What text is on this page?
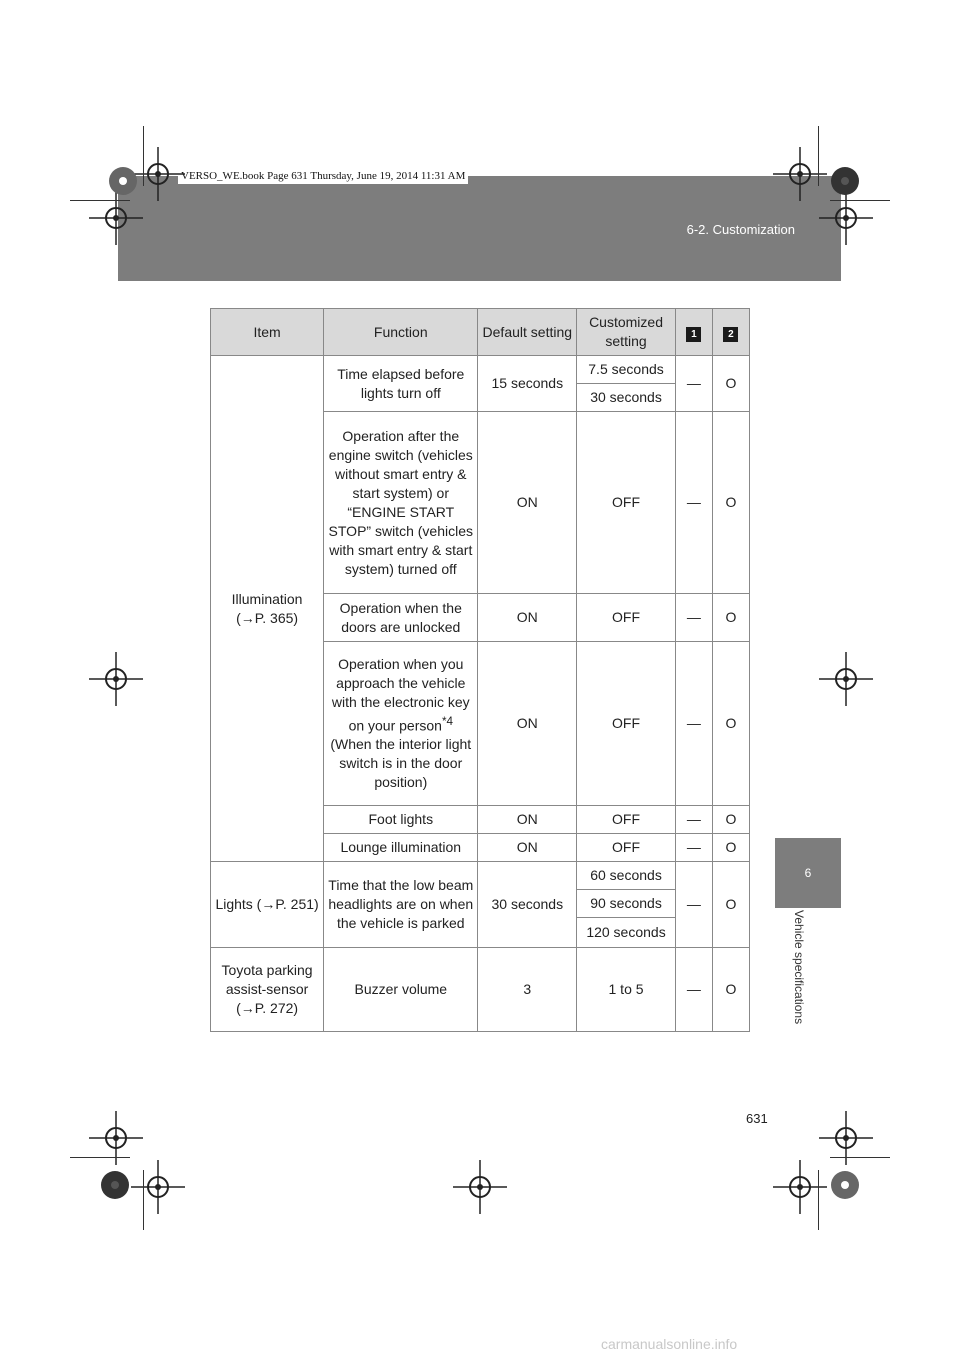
6-2. Customization
VERSO_WE.book Page 631 Thursday, June 19, 2014 11:31 AM
6
Vehicle specifications
Item	Function	Default setting	Customized setting	1	2
Illumination (→P. 365)	Time elapsed before lights turn off	15 seconds	7.5 seconds	—	O
			30 seconds		
	Operation after the engine switch (vehicles without smart entry & start system) or “ENGINE START STOP” switch (vehicles with smart entry & start system) turned off	ON	OFF	—	O
	Operation when the doors are unlocked	ON	OFF	—	O
	Operation when you approach the vehicle with the electronic key on your person$^{*4}$
(When the interior light switch is in the door position)	ON	OFF	—	O
	Foot lights	ON	OFF	—	O
	Lounge illumination	ON	OFF	—	O

Lights (→P. 251)	Time that the low beam headlights are on when the vehicle is parked	30 seconds	60 seconds	—	O
			90 seconds		
			120 seconds		
Toyota parking assist-sensor (→P. 272)	Buzzer volume	3	1 to 5	—	O
631
carmanualsonline.info
